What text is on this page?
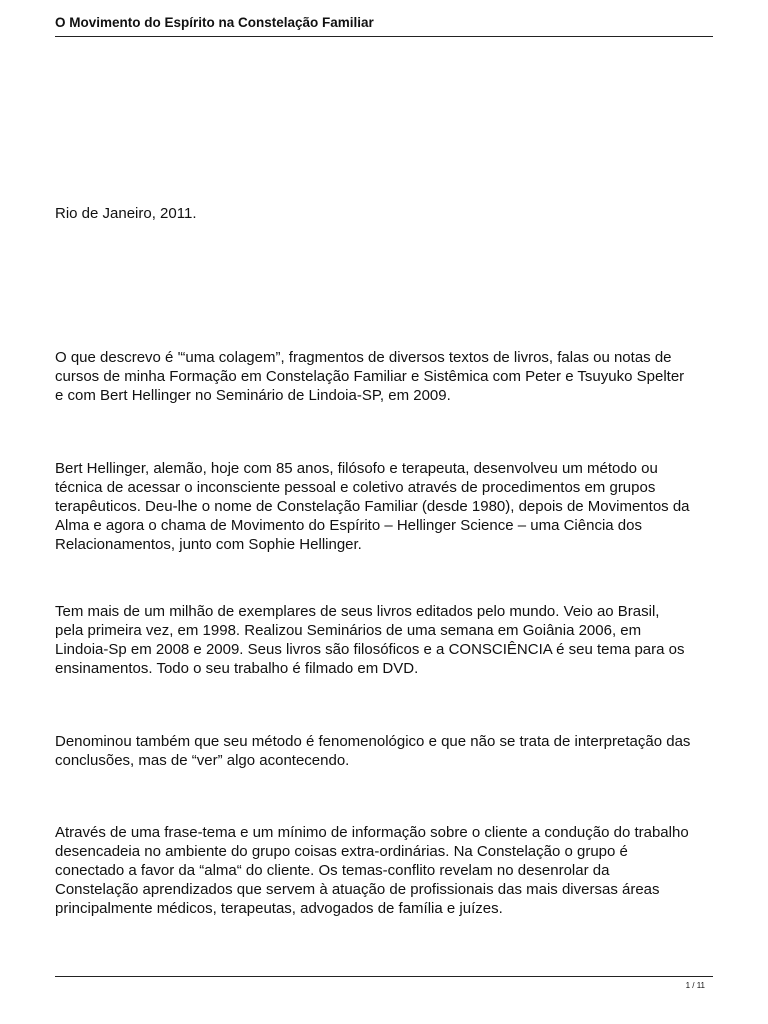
O Movimento do Espírito na Constelação Familiar

Rio de Janeiro, 2011.

O que descrevo é '“uma colagem”, fragmentos de diversos textos de livros, falas ou notas de
cursos de minha Formação em Constelação Familiar e Sistêmica com Peter e Tsuyuko Spelter
e com Bert Hellinger no Seminário de Lindoia-SP, em 2009.
Bert Hellinger, alemão, hoje com 85 anos, filósofo e terapeuta, desenvolveu um método ou
técnica de acessar o inconsciente pessoal e coletivo através de procedimentos em grupos
terapêuticos. Deu-lhe o nome de Constelação Familiar (desde 1980), depois de Movimentos da
Alma e agora o chama de Movimento do Espírito – Hellinger Science – uma Ciência dos
Relacionamentos, junto com Sophie Hellinger.
Tem mais de um milhão de exemplares de seus livros editados pelo mundo. Veio ao Brasil,
pela primeira vez, em 1998. Realizou Seminários de uma semana em Goiânia 2006, em
Lindoia-Sp em 2008 e 2009. Seus livros são filosóficos e a CONSCIÊNCIA é seu tema para os
ensinamentos. Todo o seu trabalho é filmado em DVD.
Denominou também que seu método é fenomenológico e que não se trata de interpretação das
conclusões, mas de “ver” algo acontecendo.
Através de uma frase-tema e um mínimo de informação sobre o cliente a condução do trabalho
desencadeia no ambiente do grupo coisas extra-ordinárias. Na Constelação o grupo é
conectado a favor da “alma“ do cliente. Os temas-conflito revelam no desenrolar da
Constelação aprendizados que servem à atuação de profissionais das mais diversas áreas
principalmente médicos, terapeutas, advogados de família e juízes.
1 / 11
